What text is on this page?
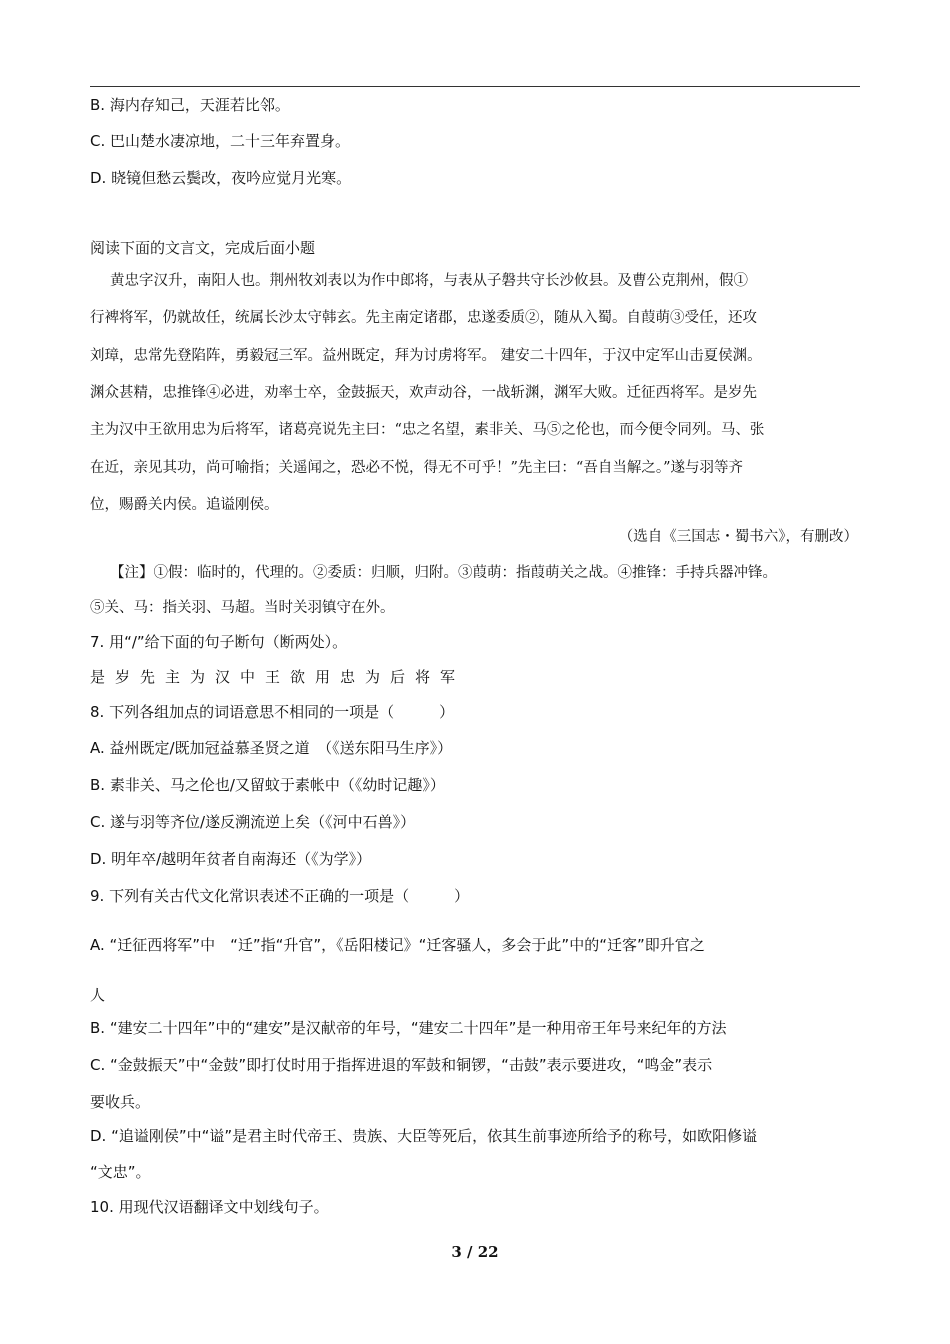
B. 海内存知己，天涯若比邻。
C. 巴山楚水凄凉地，二十三年弃置身。
D. 晓镜但愁云鬓改，夜吟应觉月光寒。
阅读下面的文言文，完成后面小题
黄忠字汉升，南阳人也。荆州牧刘表以为作中郎将，与表从子磐共守长沙攸县。及曹公克荆州，假①
行裨将军，仍就故任，统属长沙太守韩玄。先主南定诸郡，忠遂委质②，随从入蜀。自葭萌③受任，还攻
刘璋，忠常先登陷阵，勇毅冠三军。益州既定，拜为讨虏将军。 建安二十四年，于汉中定军山击夏侯渊。
渊众甚精，忠推锋④必进，劝率士卒，金鼓振天，欢声动谷，一战斩渊，渊军大败。迁征西将军。是岁先
主为汉中王欲用忠为后将军，诸葛亮说先主曰：“忠之名望，素非关、马⑤之伦也，而今便令同列。马、张
在近，亲见其功，尚可喻指；关遥闻之，恐必不悦，得无不可乎！”先主曰：“吾自当解之。”遂与羽等齐
位，赐爵关内侯。追谥刚侯。
（选自《三国志・蜀书六》，有删改）
【注】①假：临时的，代理的。②委质：归顺，归附。③葭萌：指葭萌关之战。④推锋：手持兵器冲锋。
⑤关、马：指关羽、马超。当时关羽镇守在外。
7. 用“/”给下面的句子断句（断两处）。
是岁先主为汉中王欲用忠为后将军
8. 下列各组加点的词语意思不相同的一项是（　　　）
A. 益州既定/既加冠益慕圣贤之道　（《送东阳马生序》）
B. 素非关、马之伦也/又留蚊于素帐中（《幼时记趣》）
C. 遂与羽等齐位/遂反溯流逆上矣（《河中石兽》）
D. 明年卒/越明年贫者自南海还（《为学》）
9. 下列有关古代文化常识表述不正确的一项是（　　　）
A. “迁征西将军”中　“迁”指“升官”，《岳阳楼记》“迁客骚人，多会于此”中的“迁客”即升官之
人
B. “建安二十四年”中的“建安”是汉献帝的年号，“建安二十四年”是一种用帝王年号来纪年的方法
C. “金鼓振天”中“金鼓”即打仗时用于指挥进退的军鼓和铜锣，“击鼓”表示要进攻，“鸣金”表示
要收兵。
D. “追谥刚侯”中“谥”是君主时代帝王、贵族、大臣等死后，依其生前事迹所给予的称号，如欧阳修谥
“文忠”。
10. 用现代汉语翻译文中划线句子。
3 / 22
